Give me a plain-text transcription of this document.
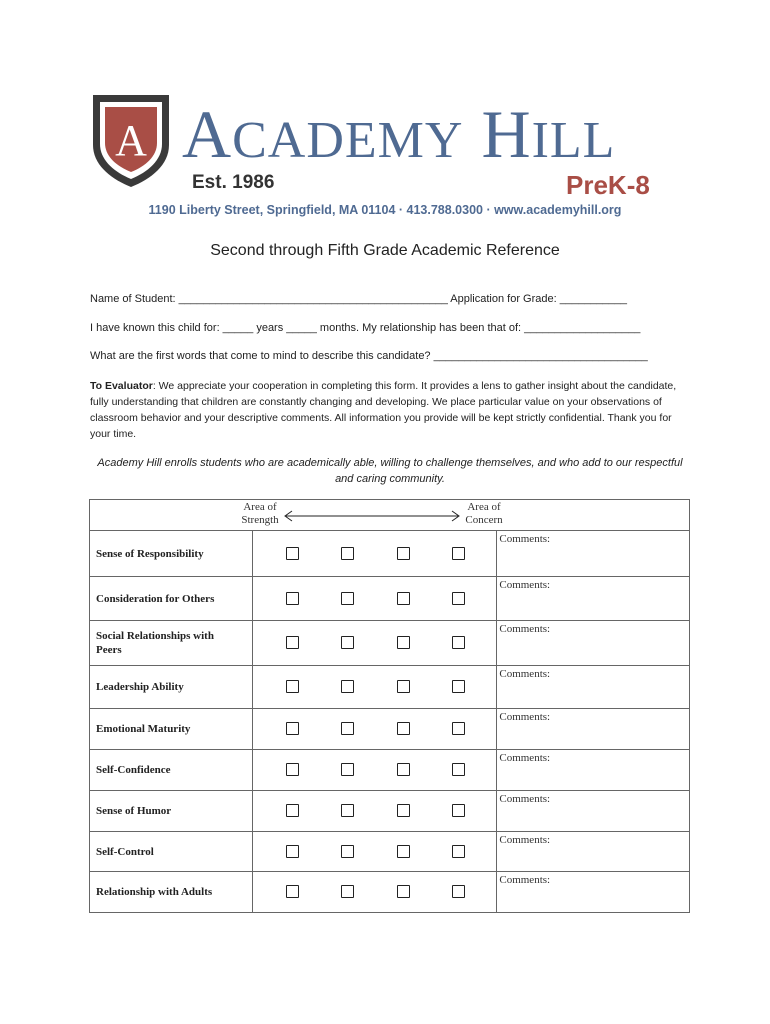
A ACADEMY HILL
Est. 1986	PreK-8
1190 Liberty Street, Springfield, MA 01104 · 413.788.0300 · www.academyhill.org
Second through Fifth Grade Academic Reference
Name of Student: ____________________________________________ Application for Grade: ___________
I have known this child for: _____ years _____ months. My relationship has been that of: ___________________
What are the first words that come to mind to describe this candidate? ___________________________________
To Evaluator: We appreciate your cooperation in completing this form. It provides a lens to gather insight about the candidate, fully understanding that children are constantly changing and developing. We place particular value on your observations of classroom behavior and your descriptive comments. All information you provide will be kept strictly confidential. Thank you for your time.
Academy Hill enrolls students who are academically able, willing to challenge themselves, and who add to our respectful and caring community.
Area of
Strength
Area of
Concern		

Sense of Responsibility		Comments:

Consideration for Others		Comments:

Social Relationships with Peers		Comments:

Leadership Ability		Comments:

Emotional Maturity		Comments:

Self-Confidence		Comments:

Sense of Humor		Comments:

Self-Control		Comments:

Relationship with Adults		Comments:
